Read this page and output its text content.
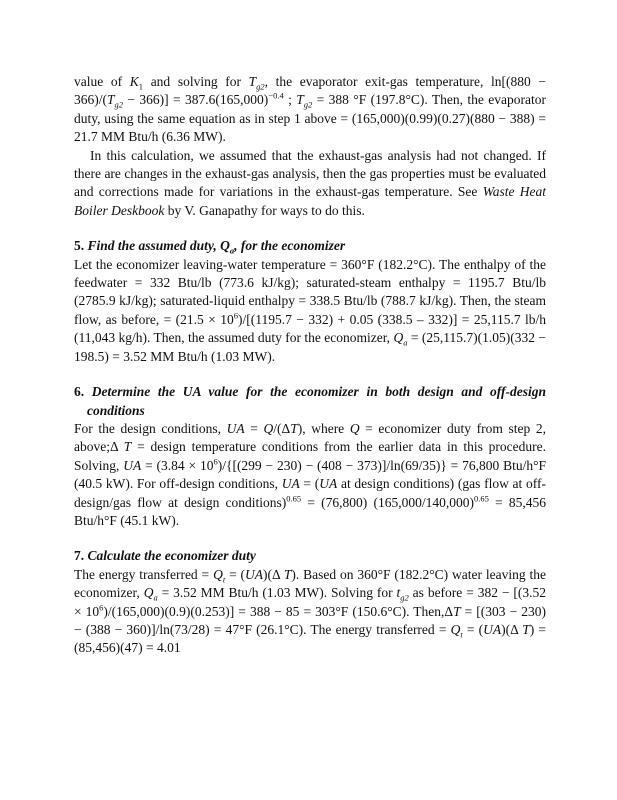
value of $K_1$ and solving for $T_{g2}$, the evaporator exit-gas temperature, $\ln[(880 - 366)/(T_{g2} - 366)] = 387.6(165,000)^{-0.4}$ ; $T_{g2} = 388$ °F (197.8°C). Then, the evaporator duty, using the same equation as in step 1 above = (165,000)(0.99)(0.27)(880 − 388) = 21.7 MM Btu/h (6.36 MW).

In this calculation, we assumed that the exhaust-gas analysis had not changed. If there are changes in the exhaust-gas analysis, then the gas properties must be evaluated and corrections made for variations in the exhaust-gas temperature. See Waste Heat Boiler Deskbook by V. Ganapathy for ways to do this.

5. Find the assumed duty, $Q_a$, for the economizer

Let the economizer leaving-water temperature = 360°F (182.2°C). The enthalpy of the feedwater = 332 Btu/lb (773.6 kJ/kg); saturated-steam enthalpy = 1195.7 Btu/lb (2785.9 kJ/kg); saturated-liquid enthalpy = 338.5 Btu/lb (788.7 kJ/kg). Then, the steam flow, as before, = $(21.5 \times 10^6)/[(1195.7 - 332) + 0.05$ (338.5 – 332)] = 25,115.7 lb/h (11,043 kg/h). Then, the assumed duty for the economizer, $Q_a = (25,115.7)(1.05)(332 - 198.5) = 3.52$ MM Btu/h (1.03 MW).

6. Determine the UA value for the economizer in both design and off-design conditions

For the design conditions, UA = Q/(ΔT), where Q = economizer duty from step 2, above;Δ T = design temperature conditions from the earlier data in this procedure. Solving, UA = $(3.84 \times 10^6)/\{[(299 - 230) - (408 - 373)]/\ln(69/35)\} = 76,800$ Btu/h°F (40.5 kW). For off-design conditions, UA = (UA at design conditions) (gas flow at off-design/gas flow at design conditions)$^{0.65}$ = (76,800) $(165,000/140,000)^{0.65} = 85,456$ Btu/h°F (45.1 kW).

7. Calculate the economizer duty

The energy transferred = $Q_t = (UA)(\Delta$ T). Based on 360°F (182.2°C) water leaving the economizer, $Q_a = 3.52$ MM Btu/h (1.03 MW). Solving for $t_{g2}$ as before = $382 - [(3.52 \times 10^6)/(165,000)(0.9)(0.253)] = 388 - 85 = 303^\circ F$ (150.6°C). Then,ΔT = [(303 − 230) − (388 − 360)]/ln(73/28) = 47°F (26.1°C). The energy transferred = $Q_t = (UA)(\Delta$ T) = (85,456)(47) = 4.01
